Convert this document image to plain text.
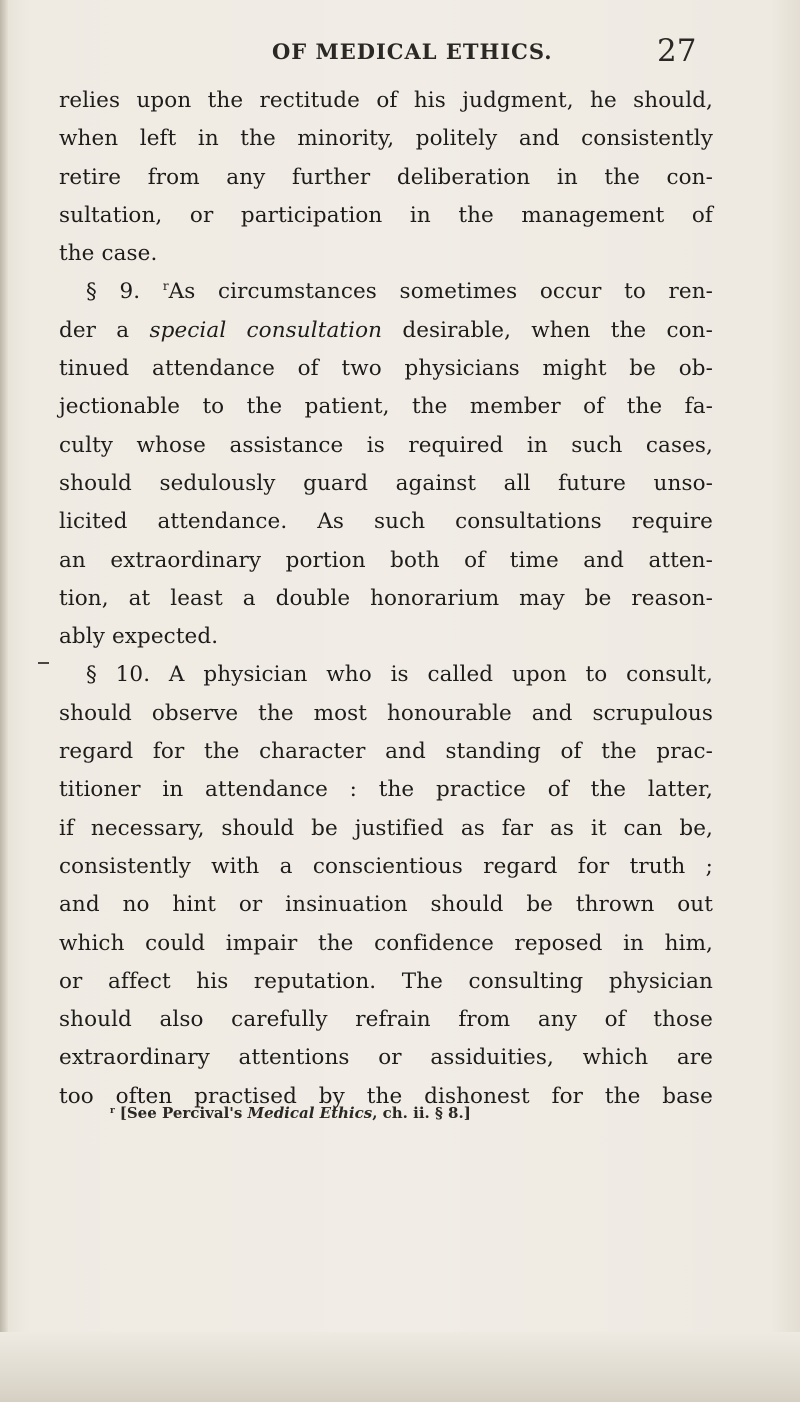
OF MEDICAL ETHICS.	27
relies upon the rectitude of his judgment, he should,
when left in the minority, politely and consistently
retire from any further deliberation in the con-
sultation, or participation in the management of
the case.
§ 9. $^r$As circumstances sometimes occur to ren-
der a special consultation desirable, when the con-
tinued attendance of two physicians might be ob-
jectionable to the patient, the member of the fa-
culty whose assistance is required in such cases,
should sedulously guard against all future unso-
licited attendance. As such consultations require
an extraordinary portion both of time and atten-
tion, at least a double honorarium may be reason-
ably expected.
§ 10. A physician who is called upon to consult,
should observe the most honourable and scrupulous
regard for the character and standing of the prac-
titioner in attendance : the practice of the latter,
if necessary, should be justified as far as it can be,
consistently with a conscientious regard for truth ;
and no hint or insinuation should be thrown out
which could impair the confidence reposed in him,
or affect his reputation. The consulting physician
should also carefully refrain from any of those
extraordinary attentions or assiduities, which are
too often practised by the dishonest for the base
$^r$ [See Percival's Medical Ethics, ch. ii. § 8.]
